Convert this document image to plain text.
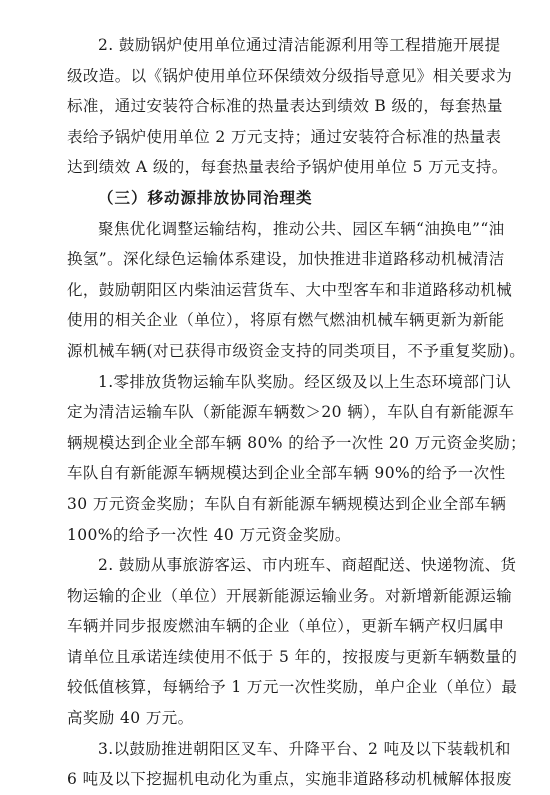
2. 鼓励锅炉使用单位通过清洁能源利用等工程措施开展提

级改造。以《锅炉使用单位环保绩效分级指导意见》相关要求为

标准，通过安装符合标准的热量表达到绩效 B 级的，每套热量

表给予锅炉使用单位 2 万元支持；通过安装符合标准的热量表

达到绩效 A 级的，每套热量表给予锅炉使用单位 5 万元支持。

（三）移动源排放协同治理类

聚焦优化调整运输结构，推动公共、园区车辆“油换电”“油

换氢”。深化绿色运输体系建设，加快推进非道路移动机械清洁

化，鼓励朝阳区内柴油运营货车、大中型客车和非道路移动机械

使用的相关企业（单位），将原有燃气燃油机械车辆更新为新能

源机械车辆(对已获得市级资金支持的同类项目，不予重复奖励)。

1.零排放货物运输车队奖励。经区级及以上生态环境部门认

定为清洁运输车队（新能源车辆数＞20 辆），车队自有新能源车

辆规模达到企业全部车辆 80% 的给予一次性 20 万元资金奖励；

车队自有新能源车辆规模达到企业全部车辆 90%的给予一次性

30 万元资金奖励；车队自有新能源车辆规模达到企业全部车辆

100%的给予一次性 40 万元资金奖励。

2. 鼓励从事旅游客运、市内班车、商超配送、快递物流、货

物运输的企业（单位）开展新能源运输业务。对新增新能源运输

车辆并同步报废燃油车辆的企业（单位），更新车辆产权归属申

请单位且承诺连续使用不低于 5 年的，按报废与更新车辆数量的

较低值核算，每辆给予 1 万元一次性奖励，单户企业（单位）最

高奖励 40 万元。

3.以鼓励推进朝阳区叉车、升降平台、2 吨及以下装载机和

6 吨及以下挖掘机电动化为重点，实施非道路移动机械解体报废
